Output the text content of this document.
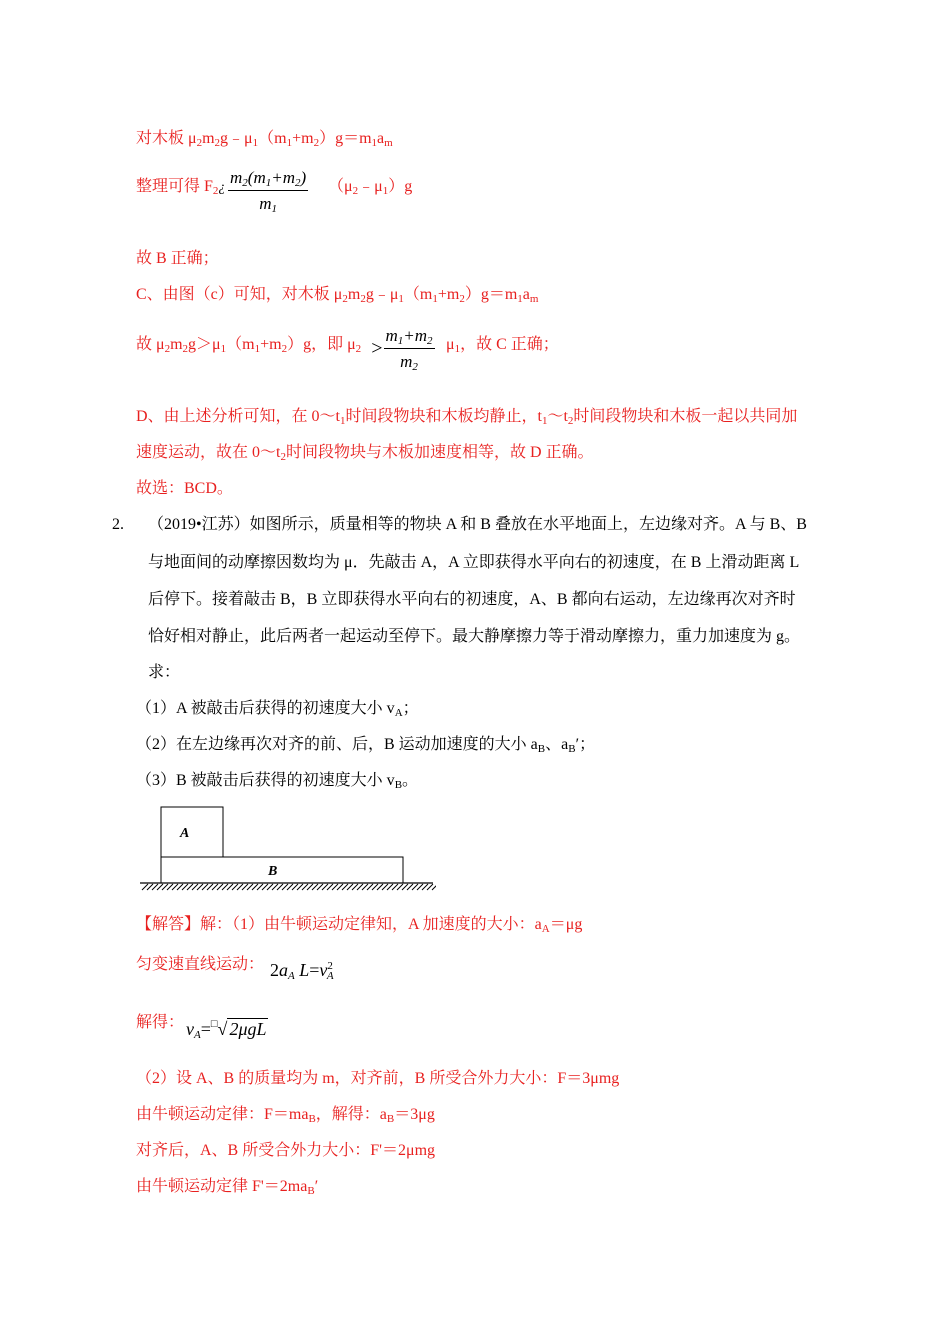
对木板 $\mu_2m_2g﹣\mu_1(m_1+m_2)g=m_1a_m$
整理可得 $F_2¿ \frac{m_2(m_1+m_2)}{m_1}$ $(\mu_2﹣\mu_1)g$
故 B 正确；
C、由图（c）可知，对木板 $\mu_2m_2g﹣\mu_1(m_1+m_2)g=m_1a_m$
故 $\mu_2m_2g>\mu_1(m_1+m_2)g$，即 $\mu_2 > \frac{m_1+m_2}{m_2} \mu_1$，故 C 正确；
D、由上述分析可知，在 $0\sim t_1$时间段物块和木板均静止，$t_1\sim t_2$时间段物块和木板一起以共同加
速度运动，故在 $0\sim t_2$时间段物块与木板加速度相等，故 D 正确。
故选：BCD。
2. （2019•江苏）如图所示，质量相等的物块 A 和 B 叠放在水平地面上，左边缘对齐。A 与 B、B
与地面间的动摩擦因数均为 μ．先敲击 A，A 立即获得水平向右的初速度，在 B 上滑动距离 L
后停下。接着敲击 B，B 立即获得水平向右的初速度，A、B 都向右运动，左边缘再次对齐时
恰好相对静止，此后两者一起运动至停下。最大静摩擦力等于滑动摩擦力，重力加速度为 g。
求：
（1）A 被敲击后获得的初速度大小 $v_A$；
（2）在左边缘再次对齐的前、后，B 运动加速度的大小 $a_B$、$a_B'$；
（3）B 被敲击后获得的初速度大小 $v_B$。
A
B
【解答】解：（1）由牛顿运动定律知，A 加速度的大小：$a_A=\mu g$
匀变速直线运动： $2a_A$ $L=v^2_A$
解得： $v_A=^□√$ 2μgL
（2）设 A、B 的质量均为 m，对齐前，B 所受合外力大小：F＝3μmg
由牛顿运动定律：$F=ma_B$，解得：$a_B=3\mu g$
对齐后，A、B 所受合外力大小：F'＝2μmg
由牛顿运动定律 $F'=2ma_B'$
